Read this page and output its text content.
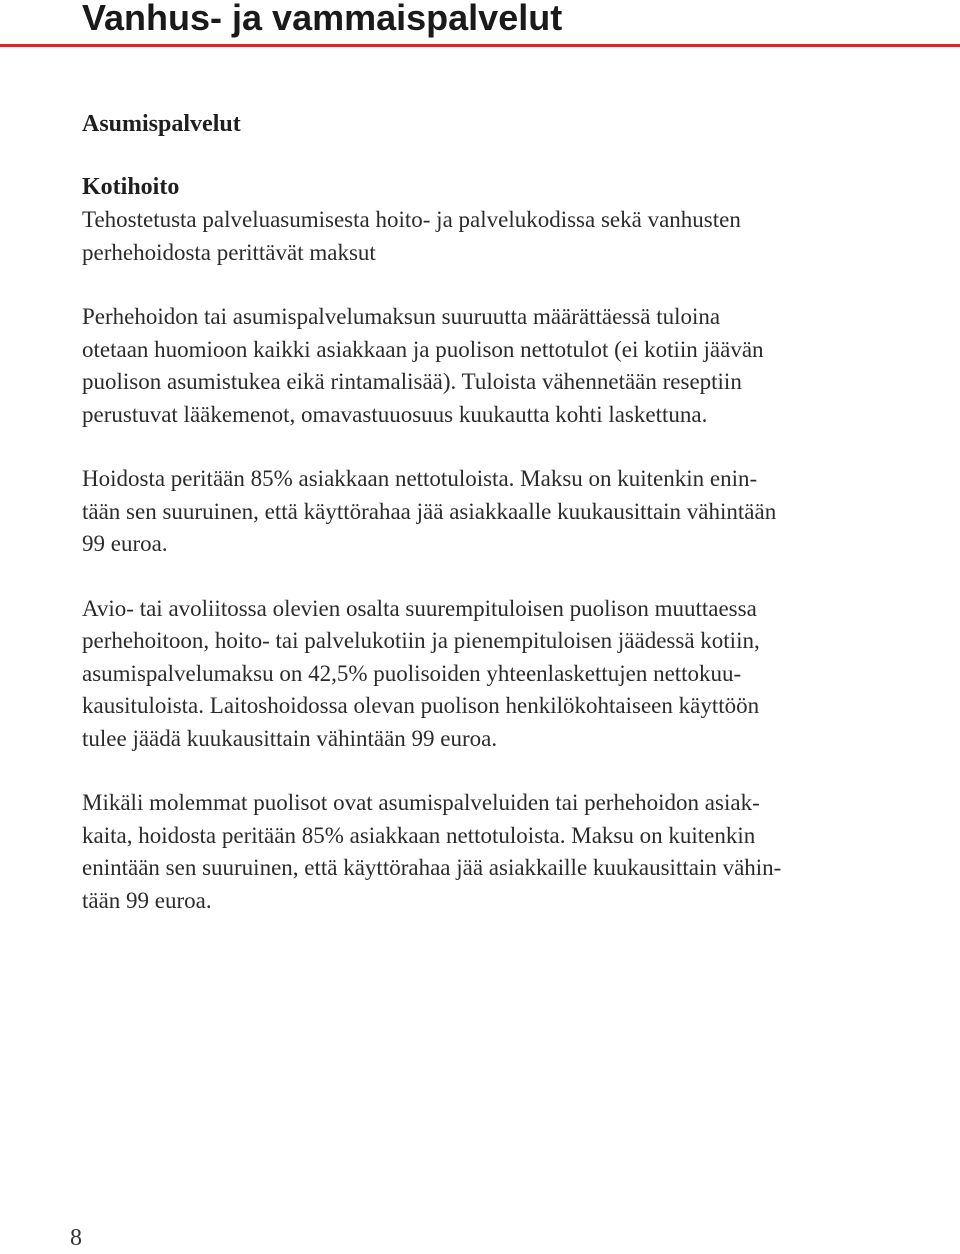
Vanhus- ja vammaispalvelut
Asumispalvelut
Kotihoito

Tehostetusta palveluasumisesta hoito- ja palvelukodissa sekä vanhusten
perhehoidosta perittävät maksut

Perhehoidon tai asumispalvelumaksun suuruutta määrättäessä tuloina
otetaan huomioon kaikki asiakkaan ja puolison nettotulot (ei kotiin jäävän
puolison asumistukea eikä rintamalisää). Tuloista vähennetään reseptiin
perustuvat lääkemenot, omavastuuosuus kuukautta kohti laskettuna.

Hoidosta peritään 85% asiakkaan nettotuloista. Maksu on kuitenkin enin-
tään sen suuruinen, että käyttörahaa jää asiakkaalle kuukausittain vähintään
99 euroa.

Avio- tai avoliitossa olevien osalta suurempituloisen puolison muuttaessa
perhehoitoon, hoito- tai palvelukotiin ja pienempituloisen jäädessä kotiin,
asumispalvelumaksu on 42,5% puolisoiden yhteenlaskettujen nettokuu-
kausituloista. Laitoshoidossa olevan puolison henkilökohtaiseen käyttöön
tulee jäädä kuukausittain vähintään 99 euroa.

Mikäli molemmat puolisot ovat asumispalveluiden tai perhehoidon asiak-
kaita, hoidosta peritään 85% asiakkaan nettotuloista. Maksu on kuitenkin
enintään sen suuruinen, että käyttörahaa jää asiakkaille kuukausittain vähin-
tään 99 euroa.

8
